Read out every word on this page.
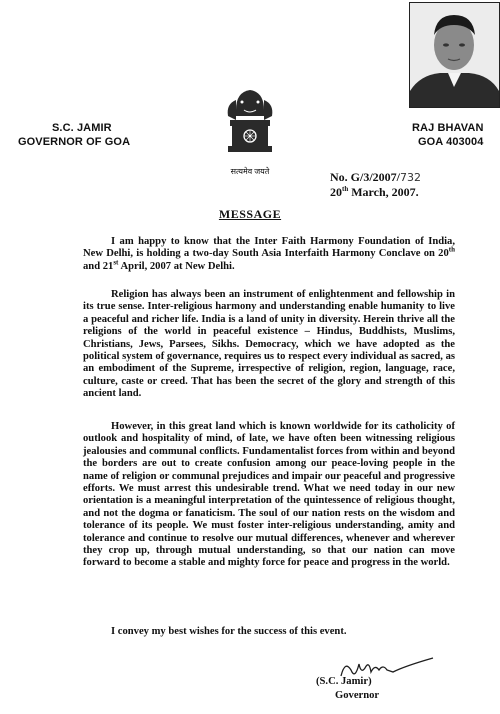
S.C. JAMIR
GOVERNOR OF GOA
RAJ BHAVAN
GOA 403004
सत्यमेव जयते	No. G/3/2007/732
20th March, 2007.
MESSAGE
I am happy to know that the Inter Faith Harmony Foundation of India, New Delhi, is holding a two-day South Asia Interfaith Harmony Conclave on 20th and 21st April, 2007 at New Delhi.
Religion has always been an instrument of enlightenment and fellowship in its true sense. Inter-religious harmony and understanding enable humanity to live a peaceful and richer life. India is a land of unity in diversity. Herein thrive all the religions of the world in peaceful existence – Hindus, Buddhists, Muslims, Christians, Jews, Parsees, Sikhs. Democracy, which we have adopted as the political system of governance, requires us to respect every individual as sacred, as an embodiment of the Supreme, irrespective of religion, region, language, race, culture, caste or creed. That has been the secret of the glory and strength of this ancient land.
However, in this great land which is known worldwide for its catholicity of outlook and hospitality of mind, of late, we have often been witnessing religious jealousies and communal conflicts. Fundamentalist forces from within and beyond the borders are out to create confusion among our peace-loving people in the name of religion or communal prejudices and impair our peaceful and progressive efforts. We must arrest this undesirable trend. What we need today in our new orientation is a meaningful interpretation of the quintessence of religious thought, and not the dogma or fanaticism. The soul of our nation rests on the wisdom and tolerance of its people. We must foster inter-religious understanding, amity and tolerance and continue to resolve our mutual differences, whenever and wherever they crop up, through mutual understanding, so that our nation can move forward to become a stable and mighty force for peace and progress in the world.
I convey my best wishes for the success of this event.
(S.C. Jamir)
Governor
